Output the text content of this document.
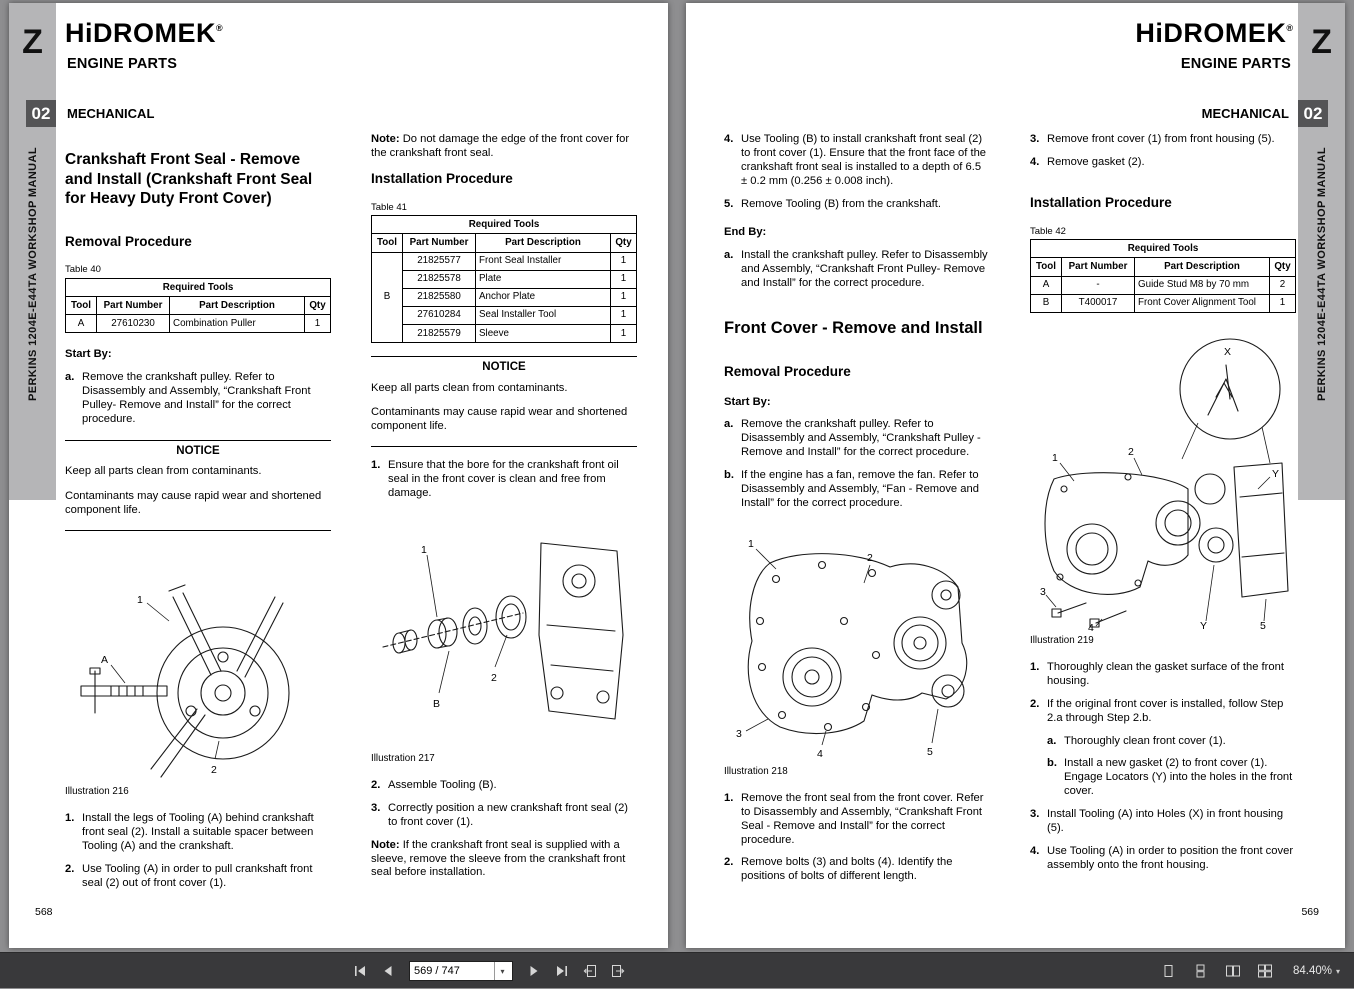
Z
PERKINS 1204E-E44TA WORKSHOP MANUAL
HiDROMEK®
ENGINE PARTS
02	MECHANICAL
Crankshaft Front Seal - Remove and Install (Crankshaft Front Seal for Heavy Duty Front Cover)
Removal Procedure
Table 40
Required Tools			
Tool	Part Number	Part Description	Qty
A	27610230	Combination Puller	1
Start By:
a. Remove the crankshaft pulley. Refer to Disassembly and Assembly, “Crankshaft Front Pulley- Remove and Install” for the correct procedure.
NOTICE

Keep all parts clean from contaminants.

Contaminants may cause rapid wear and shortened component life.

1
2
A
Illustration 216
1. Install the legs of Tooling (A) behind crankshaft front seal (2). Install a suitable spacer between Tooling (A) and the crankshaft.
2. Use Tooling (A) in order to pull crankshaft front seal (2) out of front cover (1).

Note: Do not damage the edge of the front cover for the crankshaft front seal.

Installation Procedure
Table 41
Required Tools			
Tool	Part Number	Part Description	Qty
B	21825577	Front Seal Installer	1
	21825578	Plate	1
	21825580	Anchor Plate	1
	27610284	Seal Installer Tool	1
	21825579	Sleeve	1
NOTICE

Keep all parts clean from contaminants.

Contaminants may cause rapid wear and shortened component life.

1. Ensure that the bore for the crankshaft front oil seal in the front cover is clean and free from damage.
1
2
B
Illustration 217
2. Assemble Tooling (B).
3. Correctly position a new crankshaft front seal (2) to front cover (1).

Note: If the crankshaft front seal is supplied with a sleeve, remove the sleeve from the crankshaft front seal before installation.

568
Z
PERKINS 1204E-E44TA WORKSHOP MANUAL
HiDROMEK®
ENGINE PARTS
02
MECHANICAL
4. Use Tooling (B) to install crankshaft front seal (2) to front cover (1). Ensure that the front face of the crankshaft front seal is installed to a depth of 6.5 ± 0.2 mm (0.256 ± 0.008 inch).
5. Remove Tooling (B) from the crankshaft.
End By:
a. Install the crankshaft pulley. Refer to Disassembly and Assembly, “Crankshaft Front Pulley- Remove and Install” for the correct procedure.
Front Cover - Remove and Install
Removal Procedure
Start By:
a. Remove the crankshaft pulley. Refer to Disassembly and Assembly, “Crankshaft Pulley - Remove and Install” for the correct procedure.
b. If the engine has a fan, remove the fan. Refer to Disassembly and Assembly, “Fan - Remove and Install” for the correct procedure.
1
2
3
4	5
Illustration 218
1. Remove the front seal from the front cover. Refer to Disassembly and Assembly, “Crankshaft Front Seal - Remove and Install” for the correct procedure.
2. Remove bolts (3) and bolts (4). Identify the positions of bolts of different length.
3. Remove front cover (1) from front housing (5).
4. Remove gasket (2).
Installation Procedure
Table 42
Required Tools			
Tool	Part Number	Part Description	Qty
A	-	Guide Stud M8 by 70 mm	2
B	T400017	Front Cover Alignment Tool	1
X
1	2
Y
3
4	Y	5
Illustration 219
1. Thoroughly clean the gasket surface of the front housing.
2. If the original front cover is installed, follow Step 2.a through Step 2.b.
a. Thoroughly clean front cover (1).
b. Install a new gasket (2) to front cover (1). Engage Locators (Y) into the holes in the front cover.
3. Install Tooling (A) into Holes (X) in front housing (5).
4. Use Tooling (A) in order to position the front cover assembly onto the front housing.
569
569 / 747
▾	84.40% ▾
